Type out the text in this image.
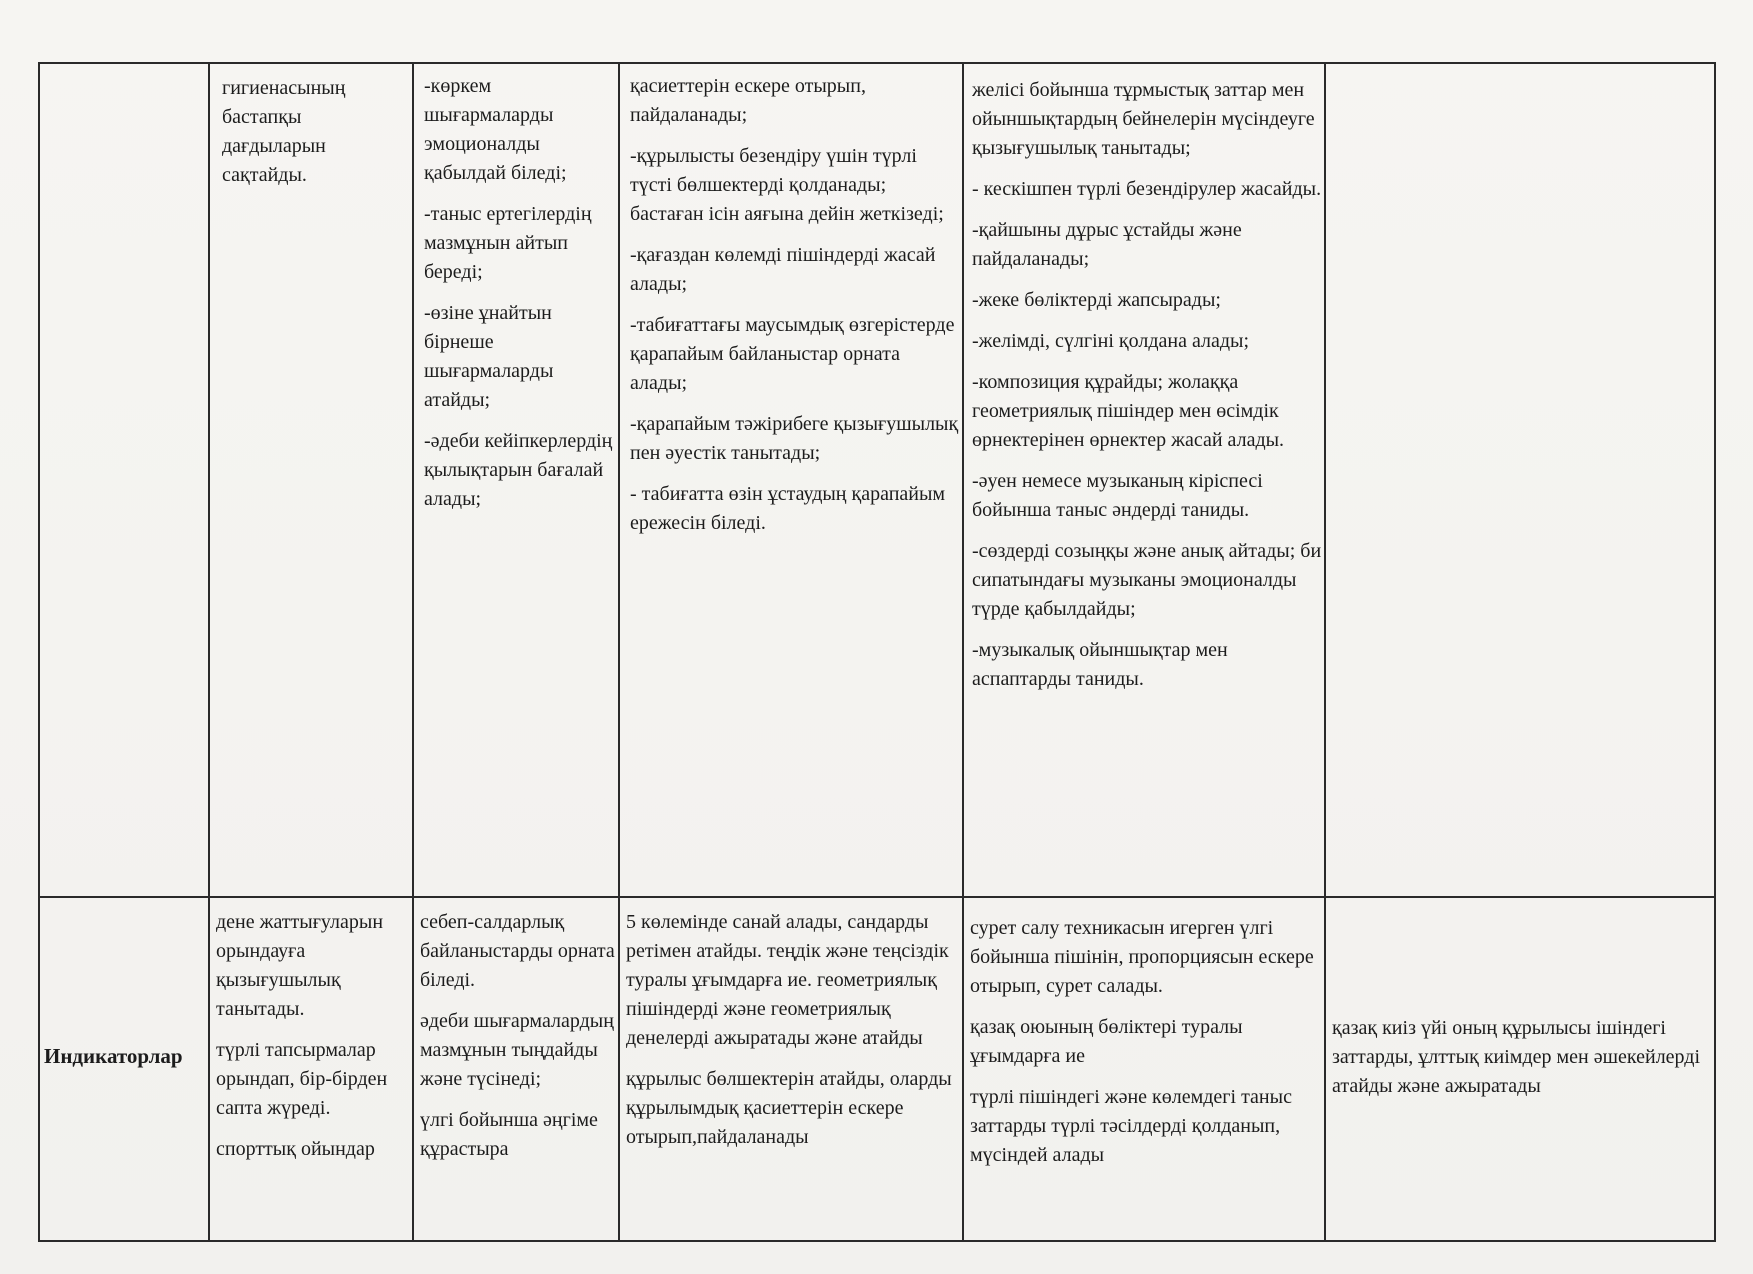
гигиенасының бастапқы дағдыларын сақтайды.

-көркем шығармаларды эмоционалды қабылдай біледі;

-таныс ертегілердің мазмұнын айтып береді;

-өзіне ұнайтын бірнеше шығармаларды атайды;

-әдеби кейіпкерлердің қылықтарын бағалай алады;

қасиеттерін ескере отырып, пайдаланады;

-құрылысты безендіру үшін түрлі түсті бөлшектерді қолданады; бастаған ісін аяғына дейін жеткізеді;

-қағаздан көлемді пішіндерді жасай алады;

-табиғаттағы маусымдық өзгерістерде қарапайым байланыстар орната алады;

-қарапайым тәжірибеге қызығушылық пен әуестік танытады;

- табиғатта өзін ұстаудың қарапайым ережесін біледі.

желісі бойынша тұрмыстық заттар мен ойыншықтардың бейнелерін мүсіндеуге қызығушылық танытады;

- кескішпен түрлі безендірулер жасайды.

-қайшыны дұрыс ұстайды және пайдаланады;

-жеке бөліктерді жапсырады;

-желімді, сүлгіні қолдана алады;

-композиция құрайды; жолаққа геометриялық пішіндер мен өсімдік өрнектерінен өрнектер жасай алады.

-әуен немесе музыканың кіріспесі бойынша таныс әндерді таниды.

-сөздерді созыңқы және анық айтады; би сипатындағы музыканы эмоционалды түрде қабылдайды;

-музыкалық ойыншықтар мен аспаптарды таниды.

Индикаторлар

дене жаттығуларын орындауға қызығушылық танытады.

түрлі тапсырмалар орындап, бір-бірден сапта жүреді.

спорттық ойындар

себеп-салдарлық байланыстарды орната біледі.

әдеби шығармалардың мазмұнын тыңдайды және түсінеді;

үлгі бойынша әңгіме құрастыра

5 көлемінде санай алады, сандарды ретімен атайды. теңдік және теңсіздік туралы ұғымдарға ие. геометриялық пішіндерді және геометриялық денелерді ажыратады және атайды

құрылыс бөлшектерін атайды, оларды құрылымдық қасиеттерін ескере отырып,пайдаланады

сурет салу техникасын игерген үлгі бойынша пішінін, пропорциясын ескере отырып, сурет салады.

қазақ оюының бөліктері туралы ұғымдарға ие

түрлі пішіндегі және көлемдегі таныс заттарды түрлі тәсілдерді қолданып, мүсіндей алады

қазақ киіз үйі оның құрылысы ішіндегі заттарды, ұлттық киімдер мен әшекейлерді атайды және ажыратады
